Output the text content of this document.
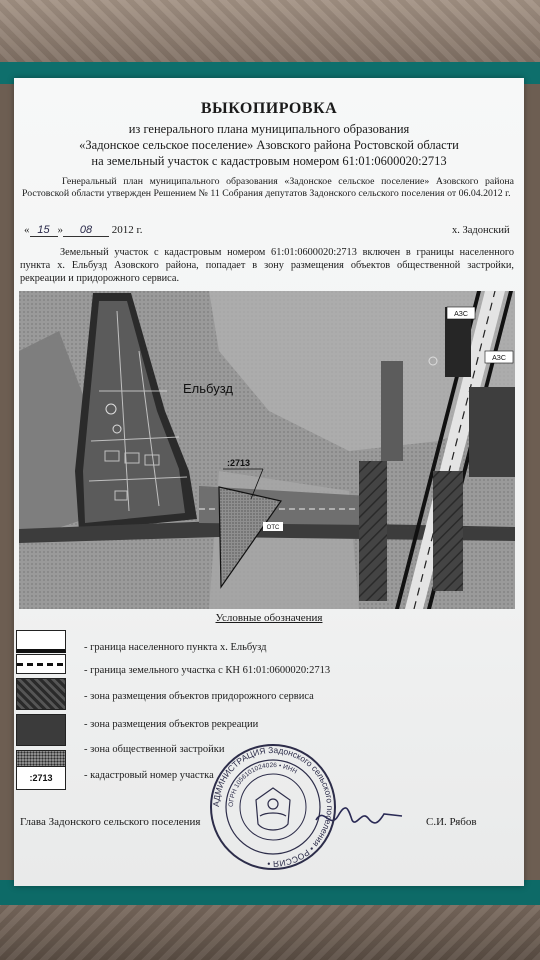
ВЫКОПИРОВКА
из генерального плана муниципального образования
«Задонское сельское поселение» Азовского района Ростовской области
на земельный участок с кадастровым номером 61:01:0600020:2713
Генеральный план муниципального образования «Задонское сельское поселение» Азовского района Ростовской области утвержден Решением № 11 Собрания депутатов Задонского сельского поселения от 06.04.2012 г.
« 15 » 08 2012 г.	х. Задонский
Земельный участок с кадастровым номером 61:01:0600020:2713 включен в границы населенного пункта х. Ельбузд Азовского района, попадает в зону размещения объектов общественной застройки, рекреации и придорожного сервиса.
АЗС
АЗС
ОТС
Ельбузд
:2713
Условные обозначения
:2713
- граница населенного пункта х. Ельбузд
- граница земельного участка с КН 61:01:0600020:2713
- зона размещения объектов придорожного сервиса
- зона размещения объектов рекреации
- зона общественной застройки
- кадастровый номер участка
Глава Задонского сельского поселения	С.И. Рябов
АДМИНИСТРАЦИЯ Задонского сельского поселения • РОССИЯ •
ОГРН 1056101024026 • ИНН
